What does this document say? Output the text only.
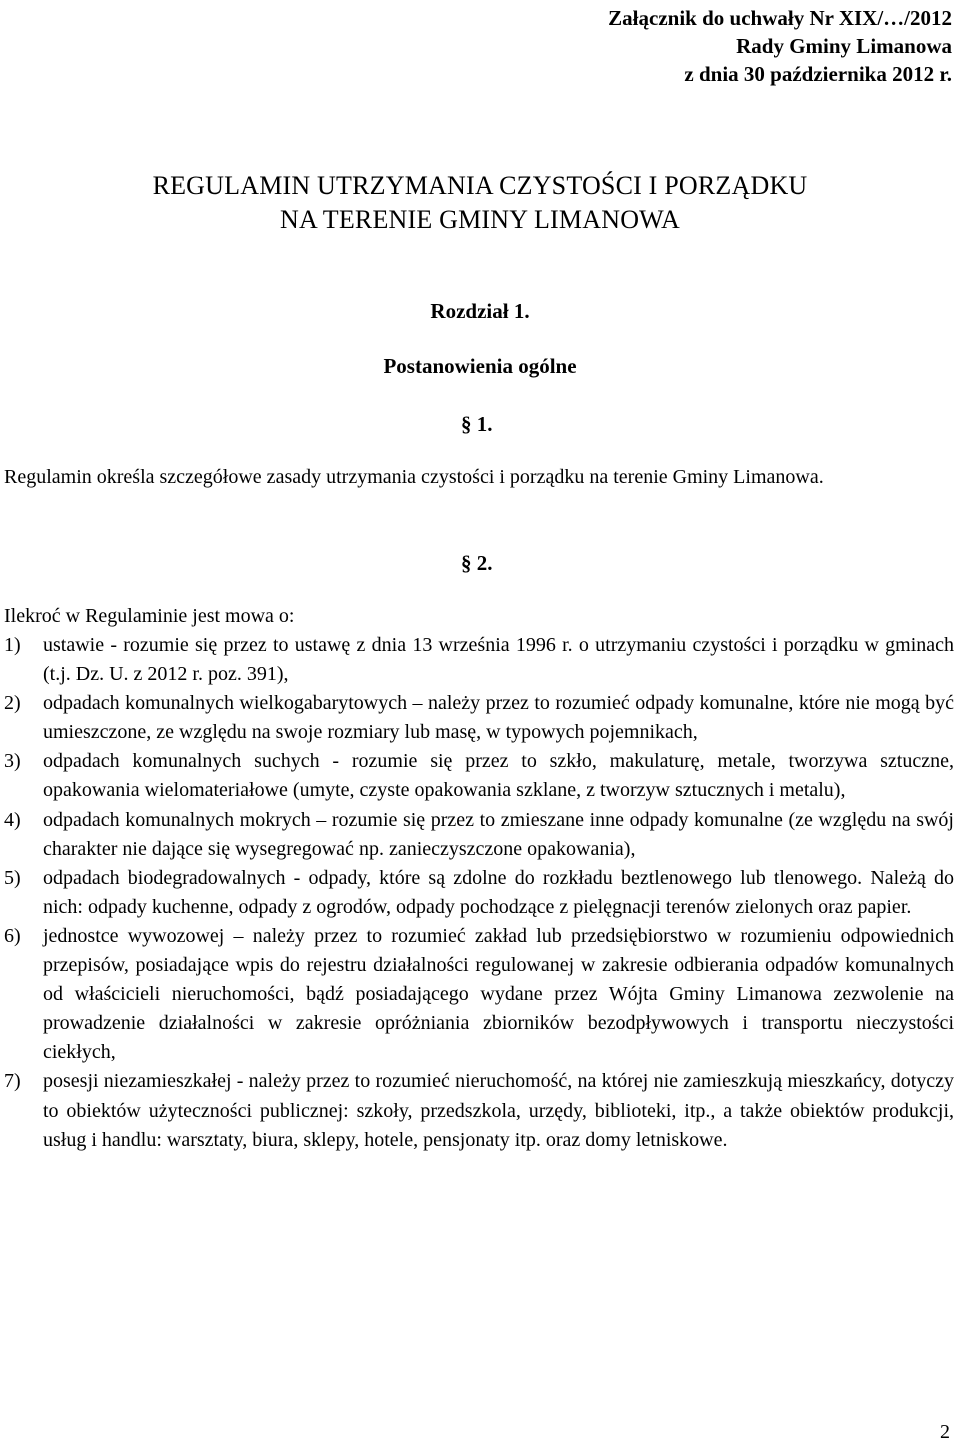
Załącznik do uchwały Nr XIX/…/2012
Rady Gminy Limanowa
z dnia 30 października 2012 r.
REGULAMIN UTRZYMANIA CZYSTOŚCI I PORZĄDKU
NA TERENIE GMINY LIMANOWA
Rozdział 1.
Postanowienia ogólne
§ 1.
Regulamin określa szczegółowe zasady utrzymania czystości i porządku na terenie Gminy Limanowa.
§ 2.
Ilekroć w Regulaminie jest mowa o:
1) ustawie - rozumie się przez to ustawę z dnia 13 września 1996 r. o utrzymaniu czystości i porządku w gminach (t.j. Dz. U. z 2012 r. poz. 391),
2) odpadach komunalnych wielkogabarytowych – należy przez to rozumieć odpady komunalne, które nie mogą być umieszczone, ze względu na swoje rozmiary lub masę, w typowych pojemnikach,
3) odpadach komunalnych suchych - rozumie się przez to szkło, makulaturę, metale, tworzywa sztuczne, opakowania wielomateriałowe (umyte, czyste opakowania szklane, z tworzyw sztucznych i metalu),
4) odpadach komunalnych mokrych – rozumie się przez to zmieszane inne odpady komunalne (ze względu na swój charakter nie dające się wysegregować np. zanieczyszczone opakowania),
5) odpadach biodegradowalnych - odpady, które są zdolne do rozkładu beztlenowego lub tlenowego. Należą do nich: odpady kuchenne, odpady z ogrodów, odpady pochodzące z pielęgnacji terenów zielonych oraz papier.
6) jednostce wywozowej – należy przez to rozumieć zakład lub przedsiębiorstwo w rozumieniu odpowiednich przepisów, posiadające wpis do rejestru działalności regulowanej w zakresie odbierania odpadów komunalnych od właścicieli nieruchomości, bądź posiadającego wydane przez Wójta Gminy Limanowa zezwolenie na prowadzenie działalności w zakresie opróżniania zbiorników bezodpływowych i transportu nieczystości ciekłych,
7) posesji niezamieszkałej - należy przez to rozumieć nieruchomość, na której nie zamieszkują mieszkańcy, dotyczy to obiektów użyteczności publicznej: szkoły, przedszkola, urzędy, biblioteki, itp., a także obiektów produkcji, usług i handlu: warsztaty, biura, sklepy, hotele, pensjonaty itp. oraz domy letniskowe.
2
